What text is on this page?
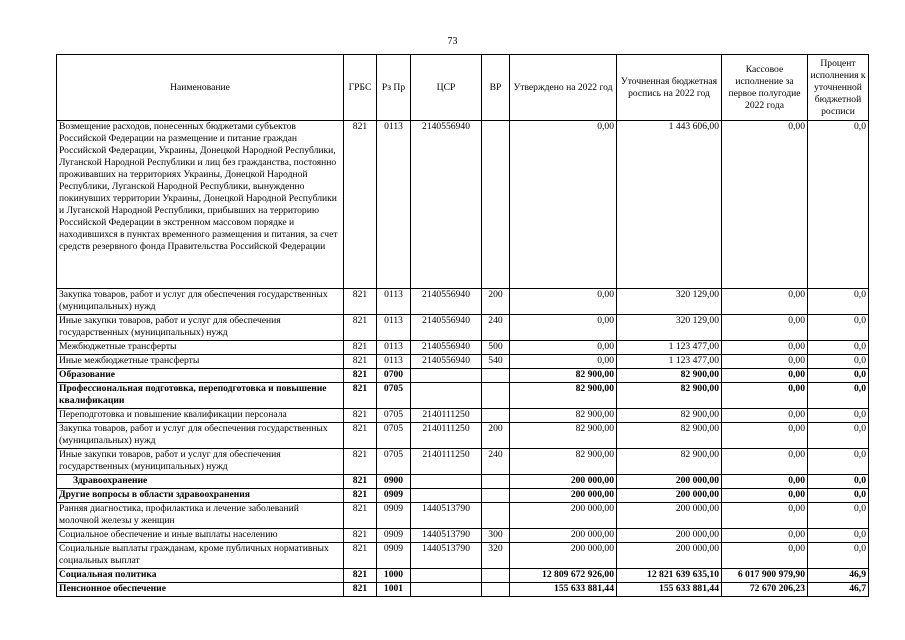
73
Наименование	ГРБС	Рз Пр	ЦСР	ВР	Утверждено на 2022 год	Уточненная бюджетная роспись на 2022 год	Кассовое исполнение за первое полугодие 2022 года	Процент исполнения к уточненной бюджетной росписи
Возмещение расходов, понесенных бюджетами субъектов Российской Федерации на размещение и питание граждан Российской Федерации, Украины, Донецкой Народной Республики, Луганской Народной Республики и лиц без гражданства, постоянно проживавших на территориях Украины, Донецкой Народной Республики, Луганской Народной Республики, вынужденно покинувших территории Украины, Донецкой Народной Республики и Луганской Народной Республики, прибывших на территорию Российской Федерации в экстренном массовом порядке и находившихся в пунктах временного размещения и питания, за счет средств резервного фонда Правительства Российской Федерации	821	0113	2140556940		0,00	1 443 606,00	0,00	0,0
Закупка товаров, работ и услуг для обеспечения государственных (муниципальных) нужд	821	0113	2140556940	200	0,00	320 129,00	0,00	0,0
Иные закупки товаров, работ и услуг для обеспечения государственных (муниципальных) нужд	821	0113	2140556940	240	0,00	320 129,00	0,00	0,0
Межбюджетные трансферты	821	0113	2140556940	500	0,00	1 123 477,00	0,00	0,0
Иные межбюджетные трансферты	821	0113	2140556940	540	0,00	1 123 477,00	0,00	0,0
Образование	821	0700			82 900,00	82 900,00	0,00	0,0
Профессиональная подготовка, переподготовка и повышение квалификации	821	0705			82 900,00	82 900,00	0,00	0,0
Переподготовка и повышение квалификации персонала	821	0705	2140111250		82 900,00	82 900,00	0,00	0,0
Закупка товаров, работ и услуг для обеспечения государственных (муниципальных) нужд	821	0705	2140111250	200	82 900,00	82 900,00	0,00	0,0
Иные закупки товаров, работ и услуг для обеспечения государственных (муниципальных) нужд	821	0705	2140111250	240	82 900,00	82 900,00	0,00	0,0
Здравоохранение	821	0900			200 000,00	200 000,00	0,00	0,0
Другие вопросы в области здравоохранения	821	0909			200 000,00	200 000,00	0,00	0,0
Ранняя диагностика, профилактика и лечение заболеваний молочной железы у женщин	821	0909	1440513790		200 000,00	200 000,00	0,00	0,0
Социальное обеспечение и иные выплаты населению	821	0909	1440513790	300	200 000,00	200 000,00	0,00	0,0
Социальные выплаты гражданам, кроме публичных нормативных социальных выплат	821	0909	1440513790	320	200 000,00	200 000,00	0,00	0,0
Социальная политика	821	1000			12 809 672 926,00	12 821 639 635,10	6 017 900 979,90	46,9
Пенсионное обеспечение	821	1001			155 633 881,44	155 633 881,44	72 670 206,23	46,7
